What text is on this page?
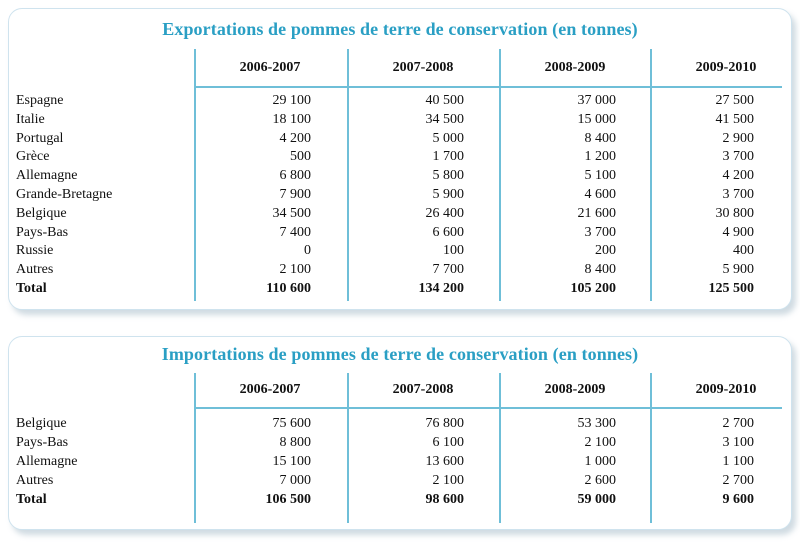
Exportations de pommes de terre de conservation (en tonnes)
2006-2007	2007-2008	2008-2009	2009-2010
Espagne	29 100	40 500	37 000	27 500
Italie	18 100	34 500	15 000	41 500
Portugal	4 200	5 000	8 400	2 900
Grèce	500	1 700	1 200	3 700
Allemagne	6 800	5 800	5 100	4 200
Grande-Bretagne	7 900	5 900	4 600	3 700
Belgique	34 500	26 400	21 600	30 800
Pays-Bas	7 400	6 600	3 700	4 900
Russie	0	100	200	400
Autres	2 100	7 700	8 400	5 900
Total	110 600	134 200	105 200	125 500
Importations de pommes de terre de conservation (en tonnes)
2006-2007	2007-2008	2008-2009	2009-2010
Belgique	75 600	76 800	53 300	2 700
Pays-Bas	8 800	6 100	2 100	3 100
Allemagne	15 100	13 600	1 000	1 100
Autres	7 000	2 100	2 600	2 700
Total	106 500	98 600	59 000	9 600
